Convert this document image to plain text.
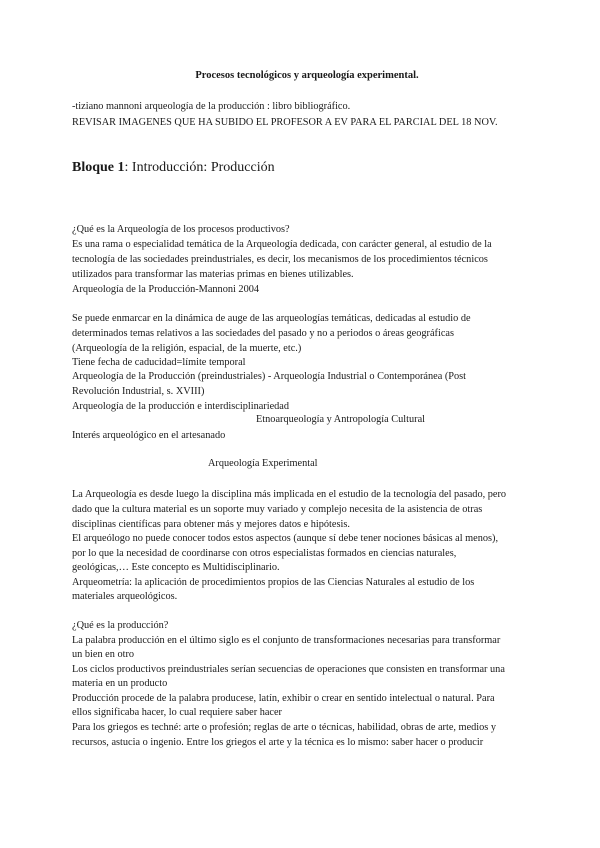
Procesos tecnológicos y arqueología experimental.
-tiziano mannoni arqueología de la producción : libro bibliográfico.
REVISAR IMAGENES QUE HA SUBIDO EL PROFESOR A EV PARA EL PARCIAL DEL 18 NOV.
Bloque 1: Introducción: Producción
¿Qué es la Arqueología de los procesos productivos?
Es una rama o especialidad temática de la Arqueología dedicada, con carácter general, al estudio de la
tecnología de las sociedades preindustriales, es decir, los mecanismos de los procedimientos técnicos
utilizados para transformar las materias primas en bienes utilizables.
Arqueología de la Producción-Mannoni 2004
Se puede enmarcar en la dinámica de auge de las arqueologías temáticas, dedicadas al estudio de
determinados temas relativos a las sociedades del pasado y no a periodos o áreas geográficas
(Arqueología de la religión, espacial, de la muerte, etc.)
Tiene fecha de caducidad=límite temporal
Arqueología de la Producción (preindustriales) - Arqueología Industrial o Contemporánea (Post
Revolución Industrial, s. XVIII)
Arqueología de la producción e interdisciplinariedad
Etnoarqueología y Antropología Cultural
Interés arqueológico en el artesanado
Arqueología Experimental
La Arqueología es desde luego la disciplina más implicada en el estudio de la tecnología del pasado, pero
dado que la cultura material es un soporte muy variado y complejo necesita de la asistencia de otras
disciplinas científicas para obtener más y mejores datos e hipótesis.
El arqueólogo no puede conocer todos estos aspectos (aunque sí debe tener nociones básicas al menos),
por lo que la necesidad de coordinarse con otros especialistas formados en ciencias naturales,
geológicas,… Este concepto es Multidisciplinario.
Arqueometría: la aplicación de procedimientos propios de las Ciencias Naturales al estudio de los
materiales arqueológicos.
¿Qué es la producción?
La palabra producción en el último siglo es el conjunto de transformaciones necesarias para transformar
un bien en otro
Los ciclos productivos preindustriales serían secuencias de operaciones que consisten en transformar una
materia en un producto
Producción procede de la palabra producese, latín, exhibir o crear en sentido intelectual o natural. Para
ellos significaba hacer, lo cual requiere saber hacer
Para los griegos es techné: arte o profesión; reglas de arte o técnicas, habilidad, obras de arte, medios y
recursos, astucia o ingenio. Entre los griegos el arte y la técnica es lo mismo: saber hacer o producir
